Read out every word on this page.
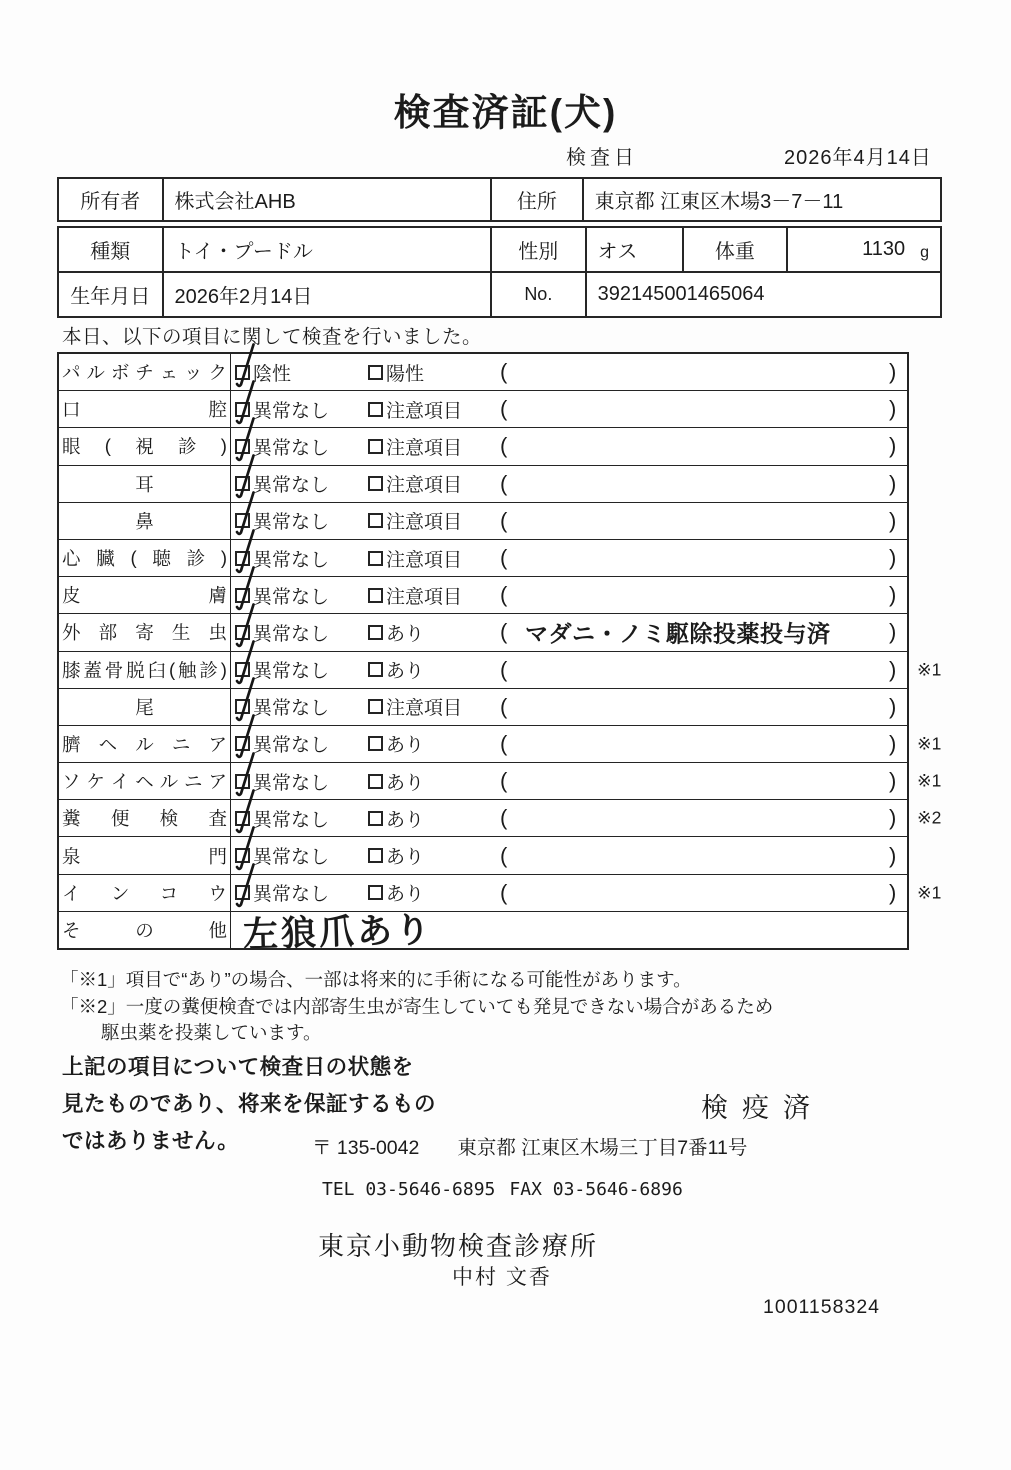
検査済証(犬)
検査日	2026年4月14日
所有者	株式会社AHB	住所	東京都 江東区木場3－7－11
種類	トイ・プードル	性別	オス	体重	1130 g
生年月日	2026年2月14日	No.	392145001465064
本日、以下の項目に関して検査を行いました。
パ ル ボ チ ェ ッ ク 陰性	陽性	(	)
口	腔 異常なし	注意項目 (	)
眼 ( 視 診 ) 異常なし	注意項目 (	)
耳	異常なし	注意項目 (	)
鼻	異常なし	注意項目 (	)
心 臓 ( 聴 診 ) 異常なし	注意項目 (	)
皮	膚 異常なし	注意項目 (	)
外 部 寄 生 虫 異常なし	あり	( マダニ・ノミ駆除投薬投与済	)
膝 蓋 骨 脱 臼 ( 触 診 ) 異常なし	あり	(	) ※1
尾	異常なし	注意項目 (	)
臍 ヘ ル ニ ア 異常なし	あり	(	) ※1
ソ ケ イ ヘ ル ニ ア 異常なし	あり	(	) ※1
糞 便 検 査 異常なし	あり	(	) ※2
泉	門 異常なし	あり	(	)
イ ン コ ウ 異常なし	あり	(	) ※1
そ	の	他 左狼爪あり
「※1」項目で“あり”の場合、一部は将来的に手術になる可能性があります。
「※2」一度の糞便検査では内部寄生虫が寄生していても発見できない場合があるため
駆虫薬を投薬しています。
上記の項目について検査日の状態を
見たものであり、将来を保証するもの
ではありません。
検疫済
〒 135-0042 東京都 江東区木場三丁目7番11号
TEL 03-5646-6895 FAX 03-5646-6896
東京小動物検査診療所
中村 文香
1001158324
